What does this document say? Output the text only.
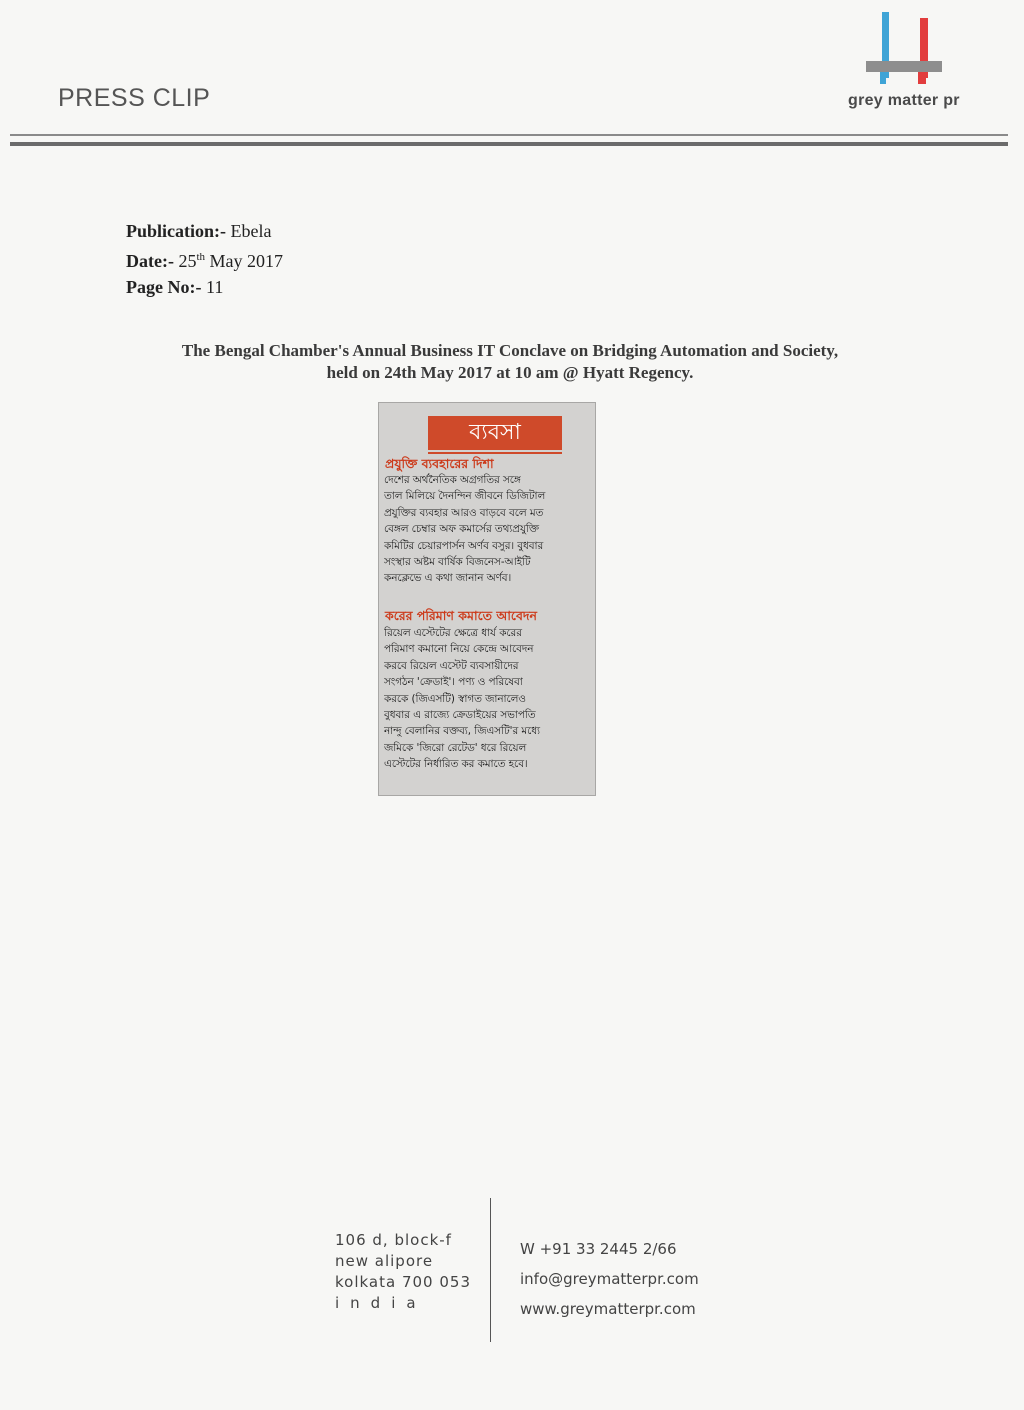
PRESS CLIP	grey matter pr
Publication:- Ebela
Date:- 25th May 2017
Page No:- 11
The Bengal Chamber's Annual Business IT Conclave on Bridging Automation and Society,
held on 24th May 2017 at 10 am @ Hyatt Regency.
ব্যবসা
প্রযুক্তি ব্যবহারের দিশা
দেশের অর্থনৈতিক অগ্রগতির সঙ্গে
তাল মিলিয়ে দৈনন্দিন জীবনে ডিজিটাল
প্রযুক্তির ব্যবহার আরও বাড়বে বলে মত
বেঙ্গল চেম্বার অফ কমার্সের তথ্যপ্রযুক্তি
কমিটির চেয়ারপার্সন অর্ণব বসুর। বুধবার
সংস্থার অষ্টম বার্ষিক বিজনেস-আইটি
কনক্লেভে এ কথা জানান অর্ণব।
করের পরিমাণ কমাতে আবেদন
রিয়েল এস্টেটের ক্ষেত্রে ধার্য করের
পরিমাণ কমানো নিয়ে কেন্দ্রে আবেদন
করবে রিয়েল এস্টেট ব্যবসায়ীদের
সংগঠন 'ক্রেডাই'। পণ্য ও পরিষেবা
করকে (জিএসটি) স্বাগত জানালেও
বুধবার এ রাজ্যে ক্রেডাইয়ের সভাপতি
নান্দু বেলানির বক্তব্য, জিএসটি'র মধ্যে
জমিকে 'জিরো রেটেড' ধরে রিয়েল
এস্টেটের নির্ধারিত কর কমাতে হবে।
106 d, block-f
new alipore
kolkata 700 053
india
W +91 33 2445 2/66
info@greymatterpr.com
www.greymatterpr.com
